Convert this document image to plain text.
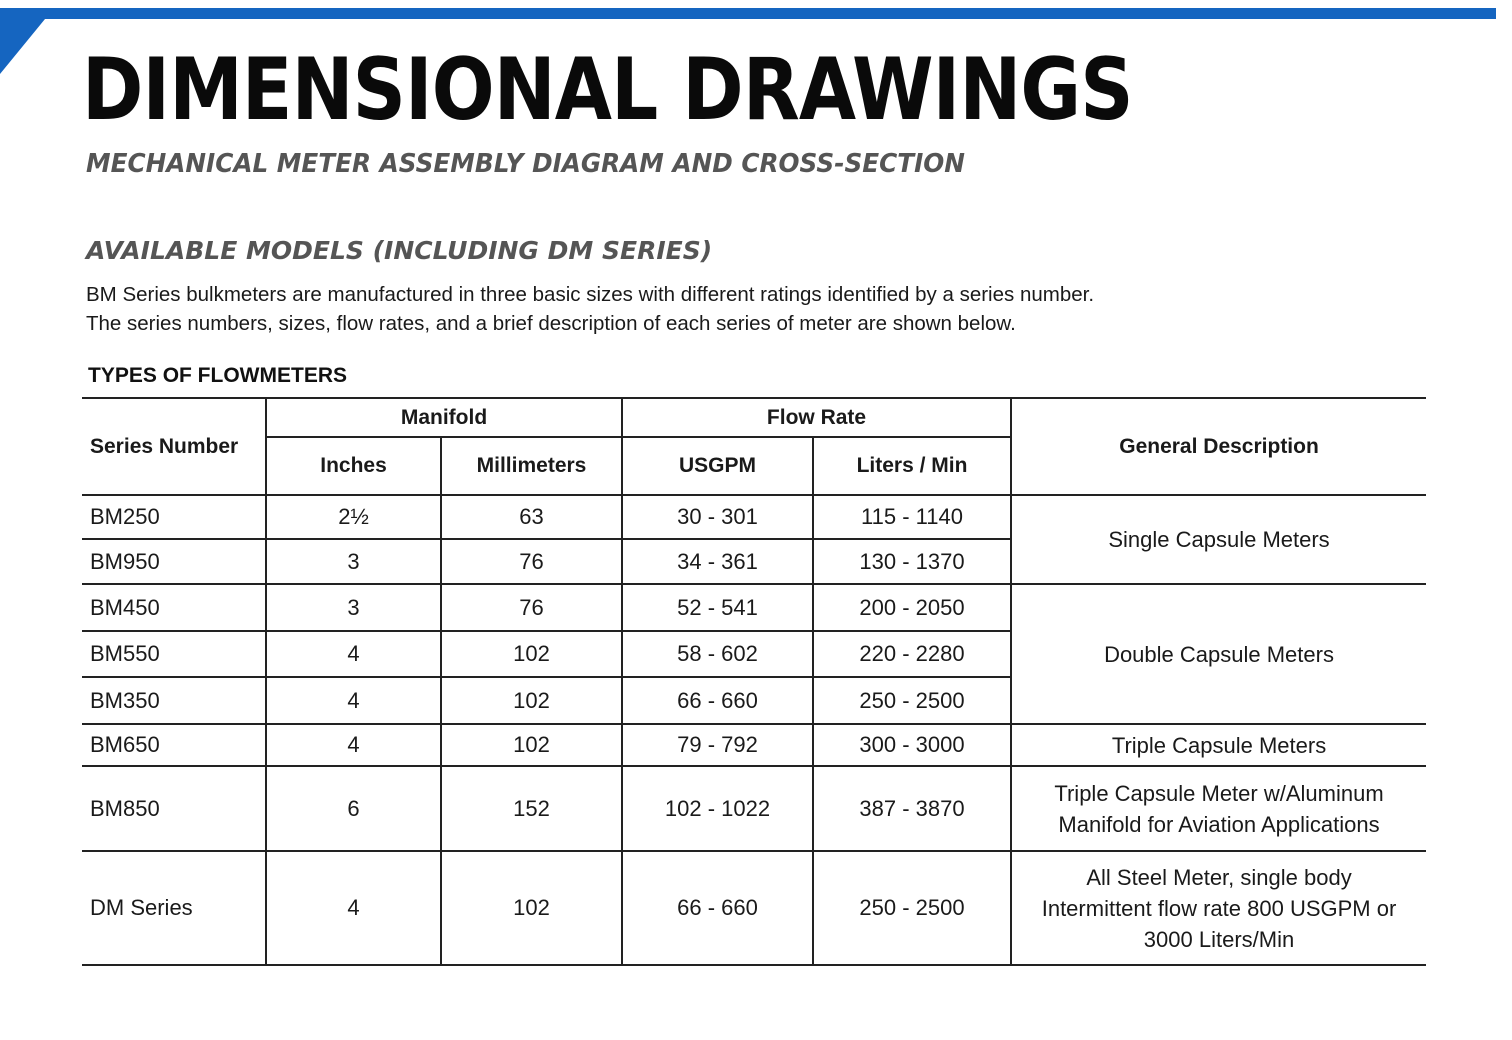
DIMENSIONAL DRAWINGS
MECHANICAL METER ASSEMBLY DIAGRAM AND CROSS-SECTION
AVAILABLE MODELS (INCLUDING DM SERIES)

BM Series bulkmeters are manufactured in three basic sizes with different ratings identified by a series number.
The series numbers, sizes, flow rates, and a brief description of each series of meter are shown below.

TYPES OF FLOWMETERS
Series Number	Manifold		Flow Rate		General Description
	Inches	Millimeters	USGPM	Liters / Min	
BM250	2½	63	30 - 301	115 - 1140	Single Capsule Meters
BM950	3	76	34 - 361	130 - 1370	
BM450	3	76	52 - 541	200 - 2050	Double Capsule Meters
BM550	4	102	58 - 602	220 - 2280	
BM350	4	102	66 - 660	250 - 2500	
BM650	4	102	79 - 792	300 - 3000	Triple Capsule Meters
BM850	6	152	102 - 1022	387 - 3870	Triple Capsule Meter w/Aluminum
Manifold for Aviation Applications
DM Series	4	102	66 - 660	250 - 2500	All Steel Meter, single body
Intermittent flow rate 800 USGPM or
3000 Liters/Min
